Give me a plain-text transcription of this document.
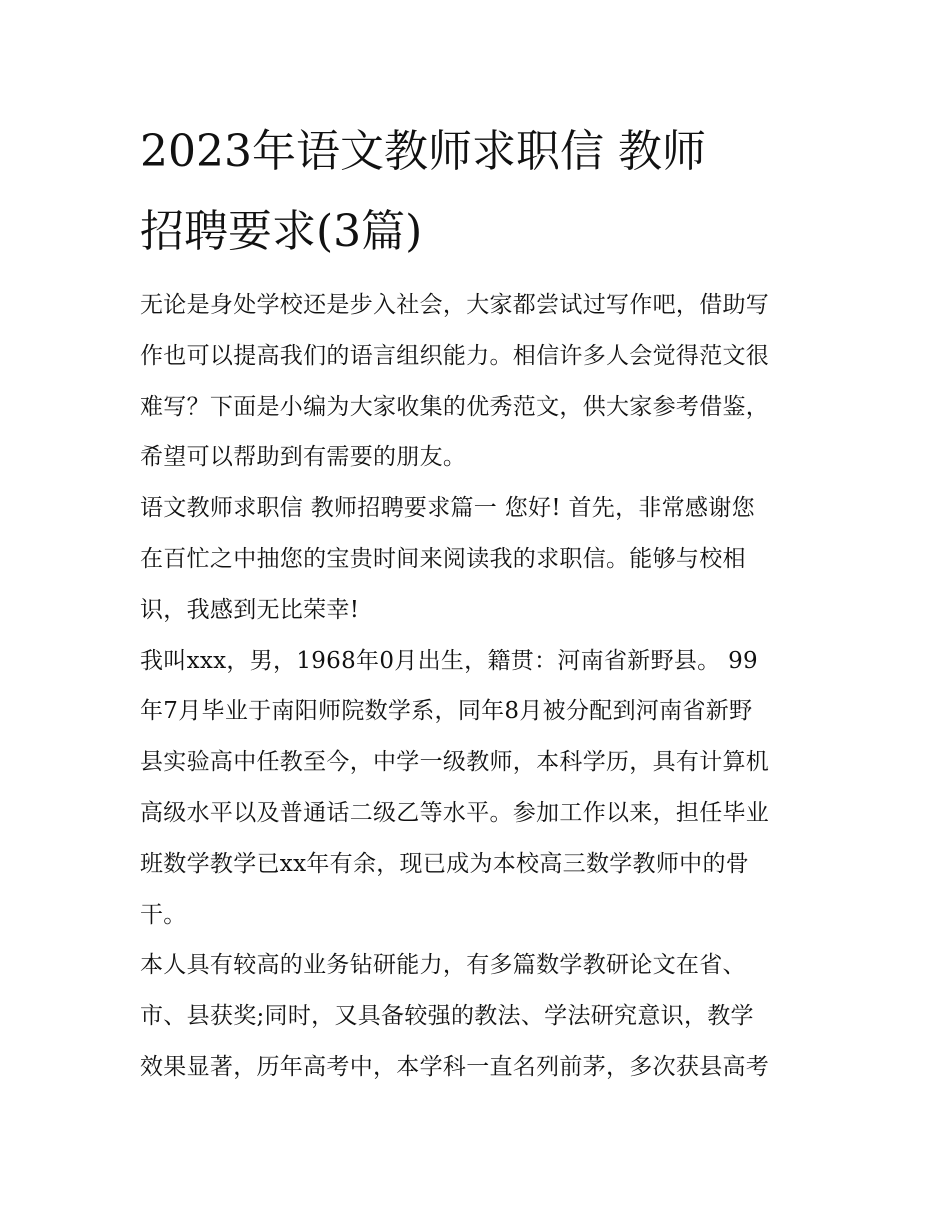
2023年语文教师求职信 教师
招聘要求(3篇)

无论是身处学校还是步入社会，大家都尝试过写作吧，借助写
作也可以提高我们的语言组织能力。相信许多人会觉得范文很
难写？下面是小编为大家收集的优秀范文，供大家参考借鉴，
希望可以帮助到有需要的朋友。

语文教师求职信 教师招聘要求篇一 您好! 首先，非常感谢您
在百忙之中抽您的宝贵时间来阅读我的求职信。能够与校相
识，我感到无比荣幸!

我叫xxx，男，1968年0月出生，籍贯：河南省新野县。 99
年7月毕业于南阳师院数学系，同年8月被分配到河南省新野
县实验高中任教至今，中学一级教师，本科学历，具有计算机
高级水平以及普通话二级乙等水平。参加工作以来，担任毕业
班数学教学已xx年有余，现已成为本校高三数学教师中的骨
干。

本人具有较高的业务钻研能力，有多篇数学教研论文在省、
市、县获奖;同时，又具备较强的教法、学法研究意识，教学
效果显著，历年高考中，本学科一直名列前茅，多次获县高考
